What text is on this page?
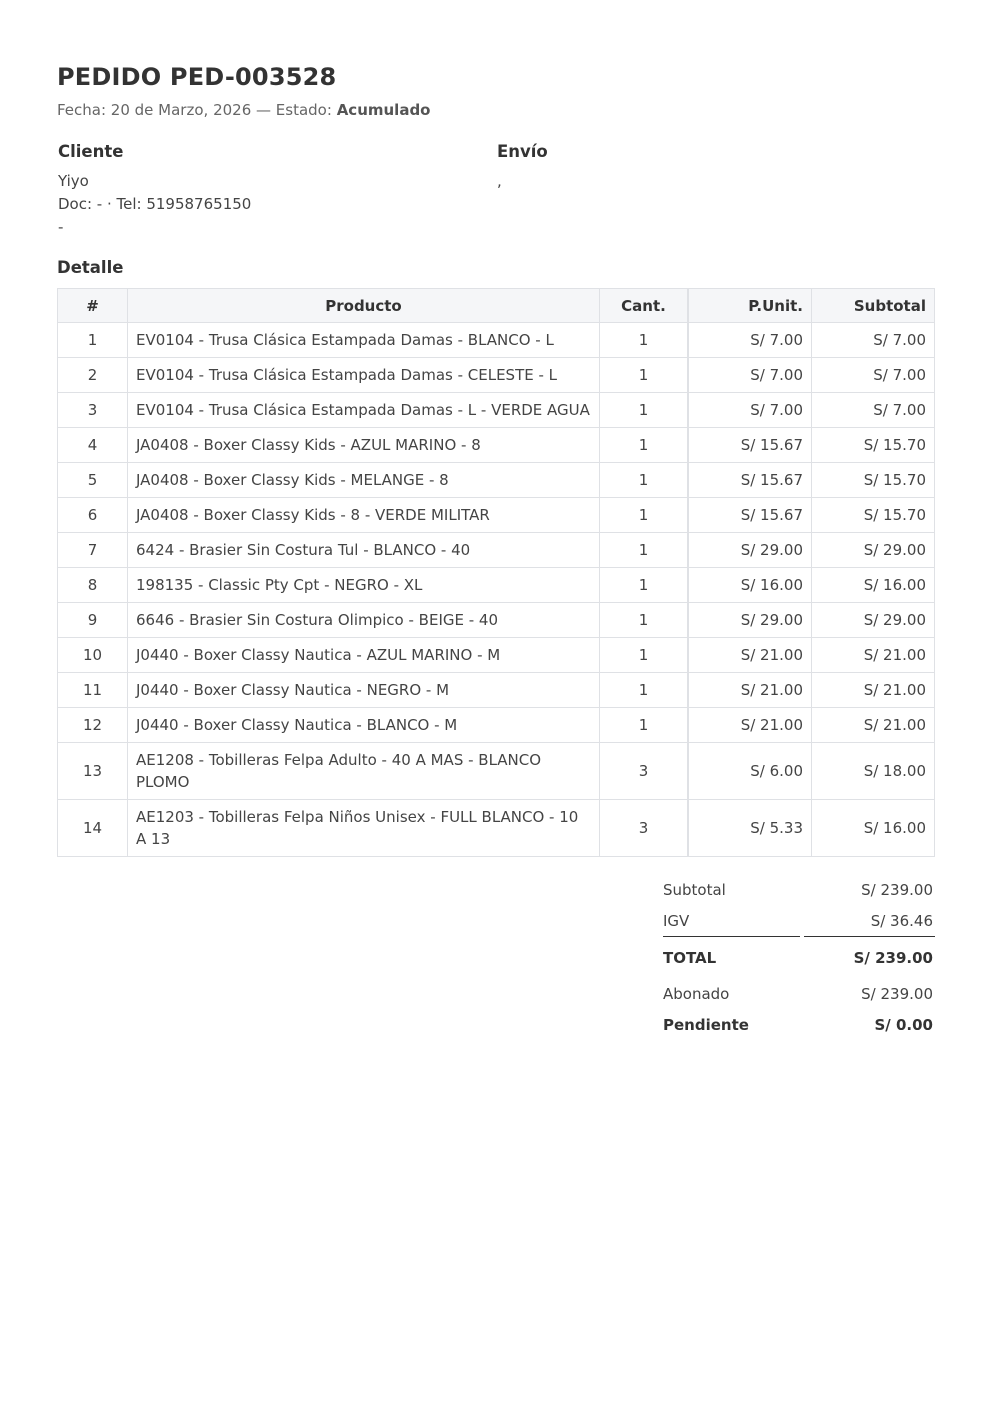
PEDIDO PED-003528
Fecha: 20 de Marzo, 2026 — Estado: Acumulado
Cliente
Yiyo
Doc: - · Tel: 51958765150
-
Envío
,
Detalle
#	Producto	Cant.	P.Unit.	Subtotal
1	EV0104 - Trusa Clásica Estampada Damas - BLANCO - L	1	S/ 7.00	S/ 7.00
2	EV0104 - Trusa Clásica Estampada Damas - CELESTE - L	1	S/ 7.00	S/ 7.00
3	EV0104 - Trusa Clásica Estampada Damas - L - VERDE AGUA	1	S/ 7.00	S/ 7.00
4	JA0408 - Boxer Classy Kids - AZUL MARINO - 8	1	S/ 15.67	S/ 15.70
5	JA0408 - Boxer Classy Kids - MELANGE - 8	1	S/ 15.67	S/ 15.70
6	JA0408 - Boxer Classy Kids - 8 - VERDE MILITAR	1	S/ 15.67	S/ 15.70
7	6424 - Brasier Sin Costura Tul - BLANCO - 40	1	S/ 29.00	S/ 29.00
8	198135 - Classic Pty Cpt - NEGRO - XL	1	S/ 16.00	S/ 16.00
9	6646 - Brasier Sin Costura Olimpico - BEIGE - 40	1	S/ 29.00	S/ 29.00
10	J0440 - Boxer Classy Nautica - AZUL MARINO - M	1	S/ 21.00	S/ 21.00
11	J0440 - Boxer Classy Nautica - NEGRO - M	1	S/ 21.00	S/ 21.00
12	J0440 - Boxer Classy Nautica - BLANCO - M	1	S/ 21.00	S/ 21.00
13	AE1208 - Tobilleras Felpa Adulto - 40 A MAS - BLANCO PLOMO	3	S/ 6.00	S/ 18.00
14	AE1203 - Tobilleras Felpa Niños Unisex - FULL BLANCO - 10 A 13	3	S/ 5.33	S/ 16.00
Subtotal	S/ 239.00
IGV	S/ 36.46
TOTAL	S/ 239.00
Abonado	S/ 239.00
Pendiente	S/ 0.00
